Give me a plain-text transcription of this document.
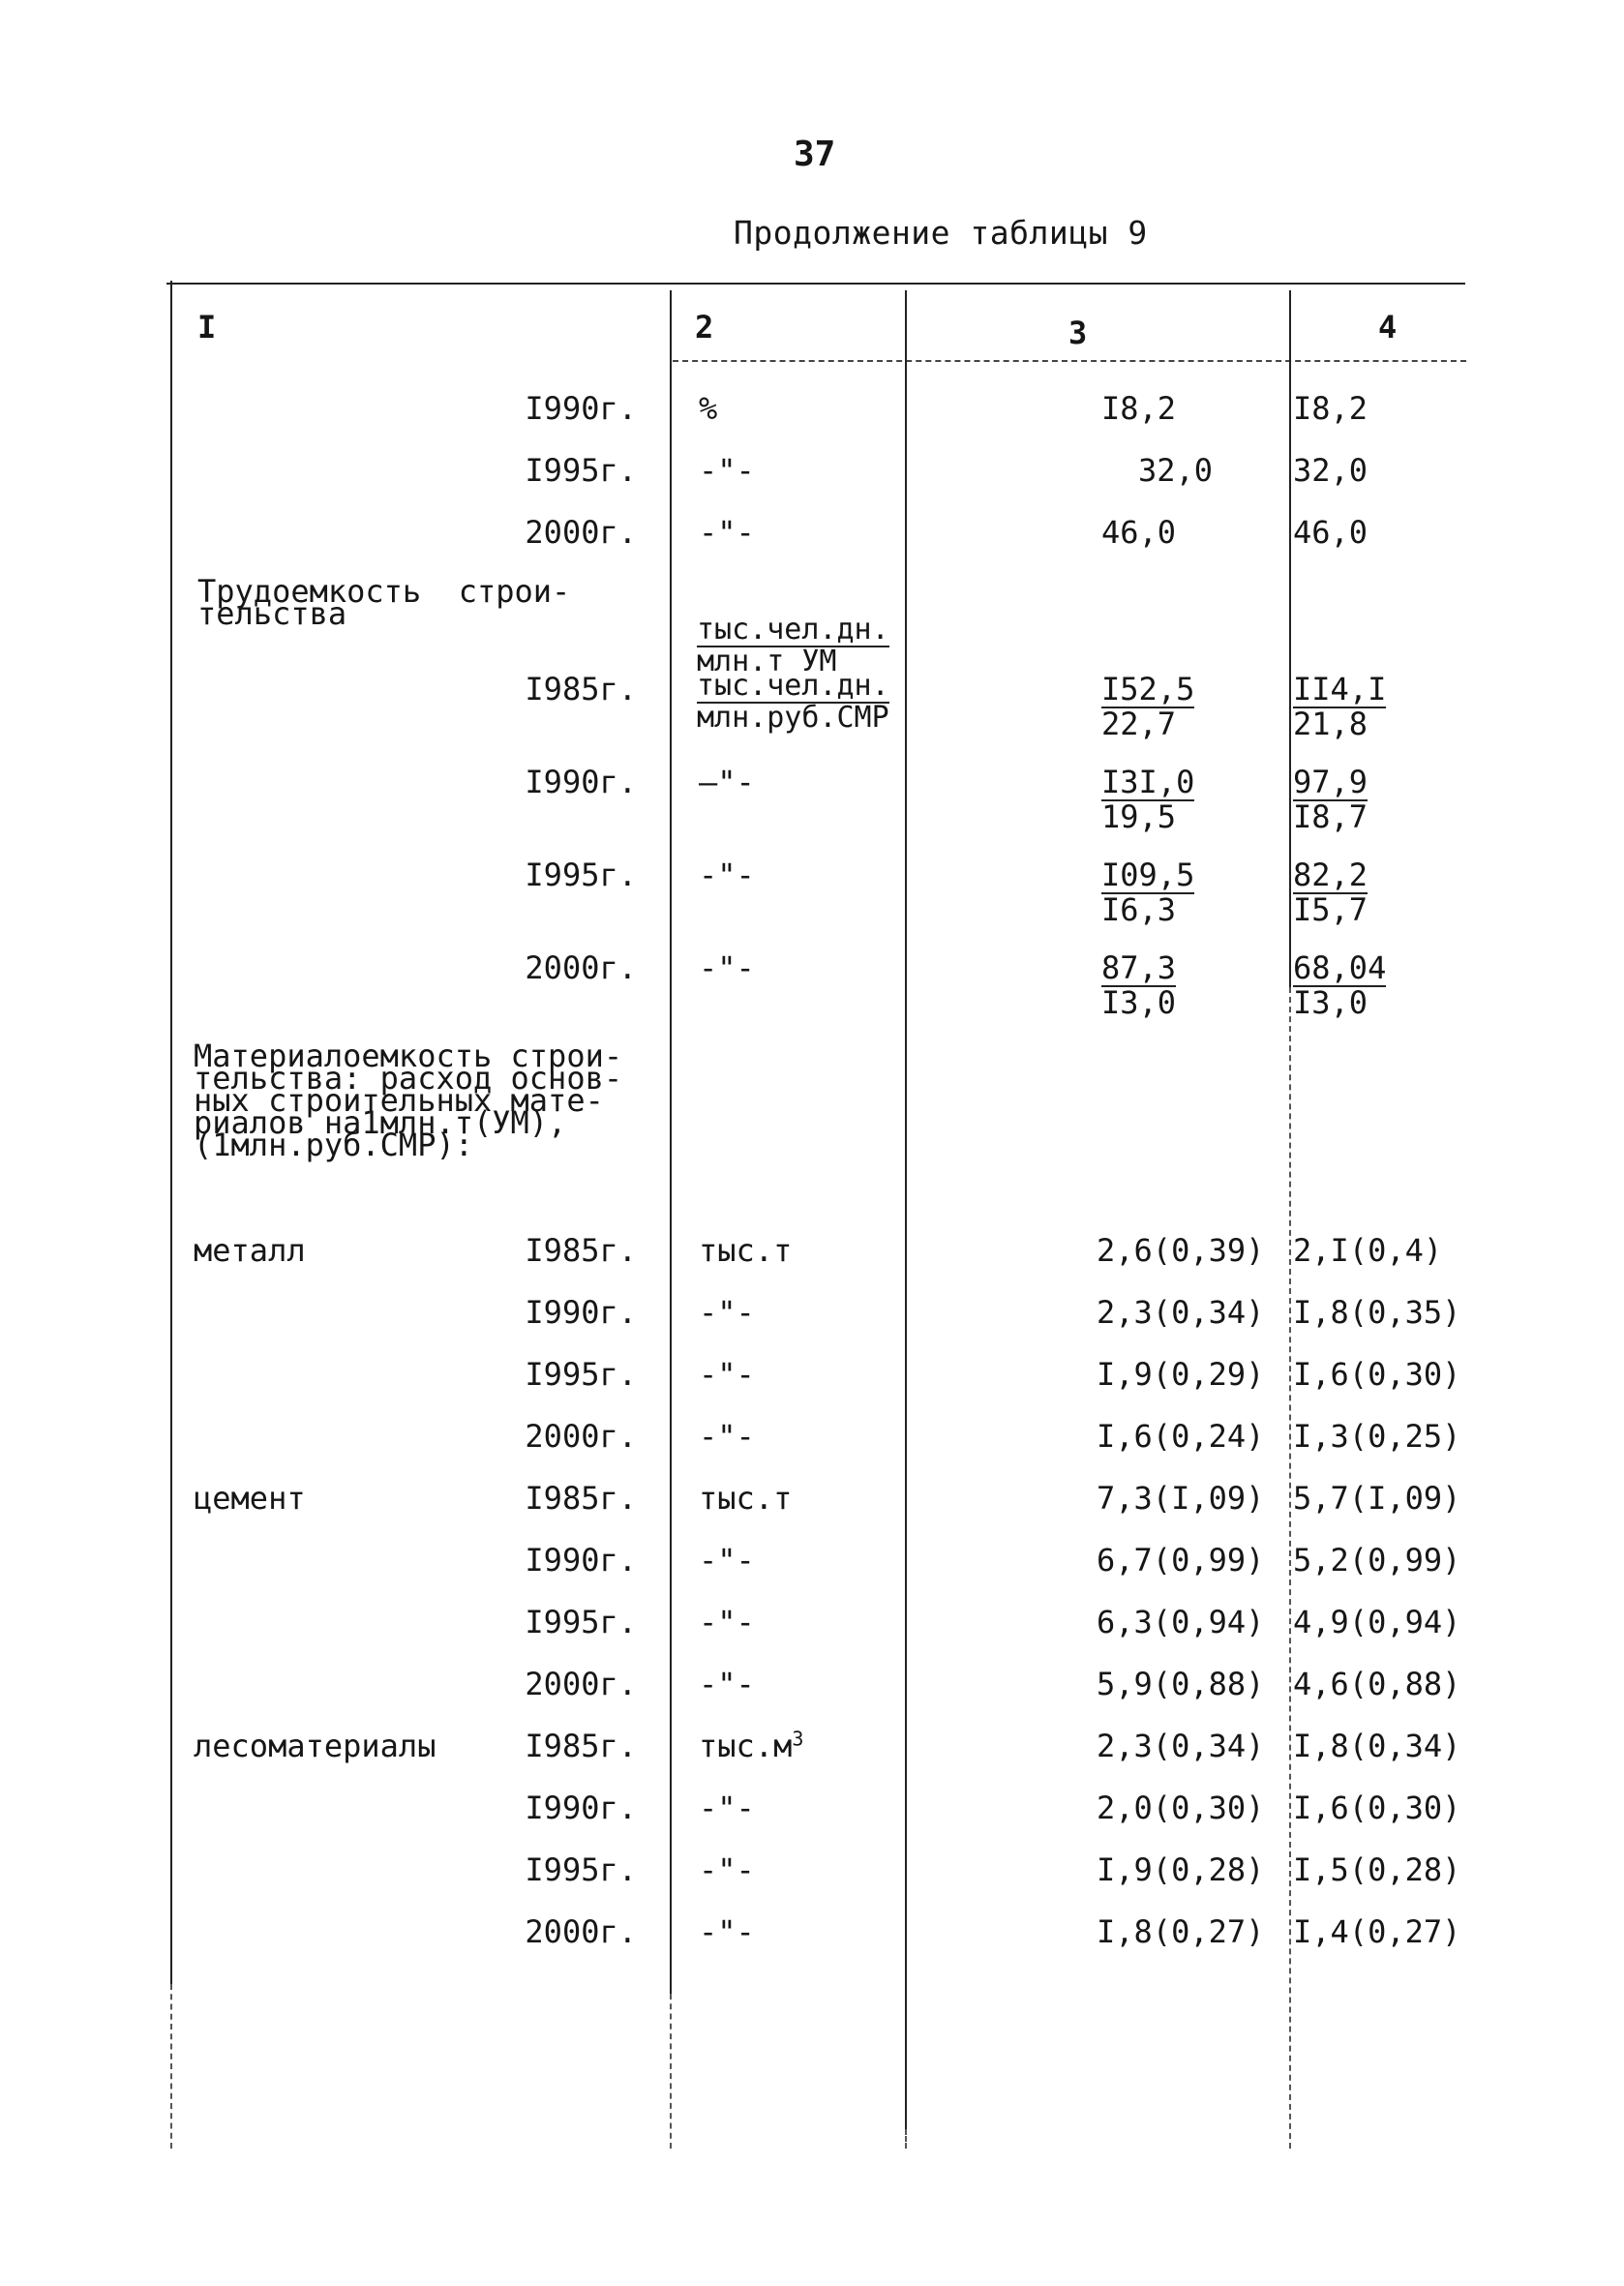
37
Продолжение таблицы 9
I	2	3	4
I990г. %	I8,2	I8,2
I995г. -"-	32,0	32,0
2000г. -"-	46,0	46,0
Трудоемкость  строи-
тельства	тыс.чел.дн.
млн.т УМ
тыс.чел.дн.
млн.руб.СМР
I985г.	$\frac{I52,5}{22,7}$	$\frac{II4,I}{21,8}$
I990г. —"-	$\frac{I3I,0}{19,5}$	$\frac{97,9}{I8,7}$
I995г. -"-	$\frac{I09,5}{I6,3}$	$\frac{82,2}{I5,7}$
2000г. -"-	$\frac{87,3}{I3,0}$	$\frac{68,04}{I3,0}$
Материалоемкость строи-
тельства: расход основ-
ных строительных мате-
риалов на1млн.т(УМ),
(1млн.руб.СМР):
металл	I985г. тыс.т	2,6(0,39) 2,I(0,4)
I990г. -"-	2,3(0,34) I,8(0,35)
I995г. -"-	I,9(0,29) I,6(0,30)
2000г. -"-	I,6(0,24) I,3(0,25)
цемент	I985г. тыс.т	7,3(I,09) 5,7(I,09)
I990г. -"-	6,7(0,99) 5,2(0,99)
I995г. -"-	6,3(0,94) 4,9(0,94)
2000г. -"-	5,9(0,88) 4,6(0,88)
лесоматериалы	I985г. $тыс.м^3$	2,3(0,34) I,8(0,34)
I990г. -"-	2,0(0,30) I,6(0,30)
I995г. -"-	I,9(0,28) I,5(0,28)
2000г. -"-	I,8(0,27) I,4(0,27)
